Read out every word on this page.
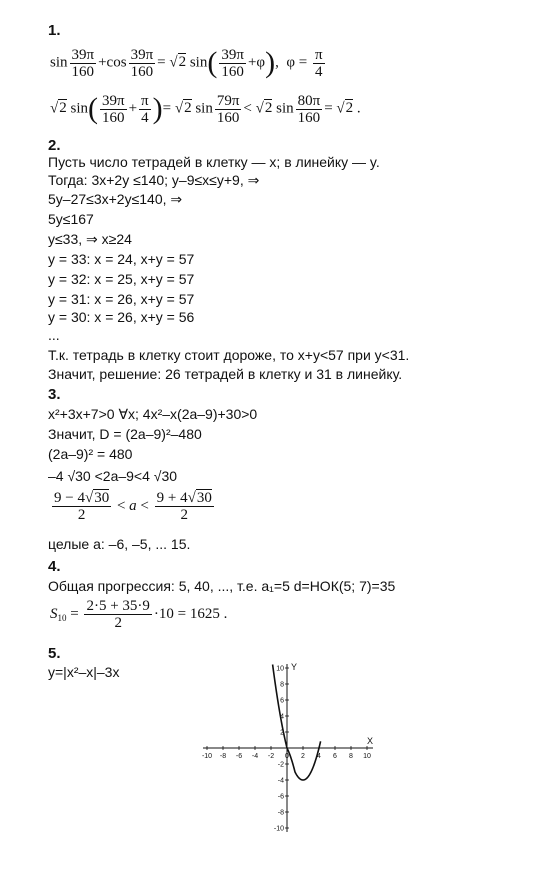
1.
$\sin \frac{39\pi}{160} +\cos \frac{39\pi}{160} = √2$ $\sin( \frac{39\pi}{160} +\varphi)$,  $\varphi = \frac{\pi}{4}$
√2 $\sin( \frac{39\pi}{160} + \frac{\pi}{4}$ )= √2 $\sin \frac{79\pi}{160} < √2$ $\sin \frac{80\pi}{160} = √2$ .
2.
Пусть число тетрадей в клетку — x; в линейку — y.
Тогда: 3x+2y ≤140; y–9≤x≤y+9, ⇒
5y–27≤3x+2y≤140, ⇒
5y≤167
y≤33, ⇒ x≥24
y = 33: x = 24, x+y = 57
y = 32: x = 25, x+y = 57
y = 31: x = 26, x+y = 57
y = 30: x = 26, x+y = 56
...
Т.к. тетрадь в клетку стоит дороже, то x+y<57 при y<31.
Значит, решение: 26 тетрадей в клетку и 31 в линейку.
3.
x²+3x+7>0 ∀x; 4x²–x(2a–9)+30>0
Значит, D = (2a–9)²–480
(2a–9)² = 480
–4 √30 <2a–9<4 √30
$\frac{9 - 4√30}{2} < a < \frac{9 + 4√30}{2}$
целые a: –6, –5, ... 15.
4.
Общая прогрессия: 5, 40, ..., т.е. a₁=5 d=НОК(5; 7)=35
$S_{10} = \frac{2\cdot 5 + 35\cdot 9}{2} \cdot 10 = 1625$ .
5.
y=|x²–x|–3x
-10 -8 -6 -4 -2 0 2 4 6 8 10
10
8
6
4
2
-2
-4
-6
-8
-10
X
Y
